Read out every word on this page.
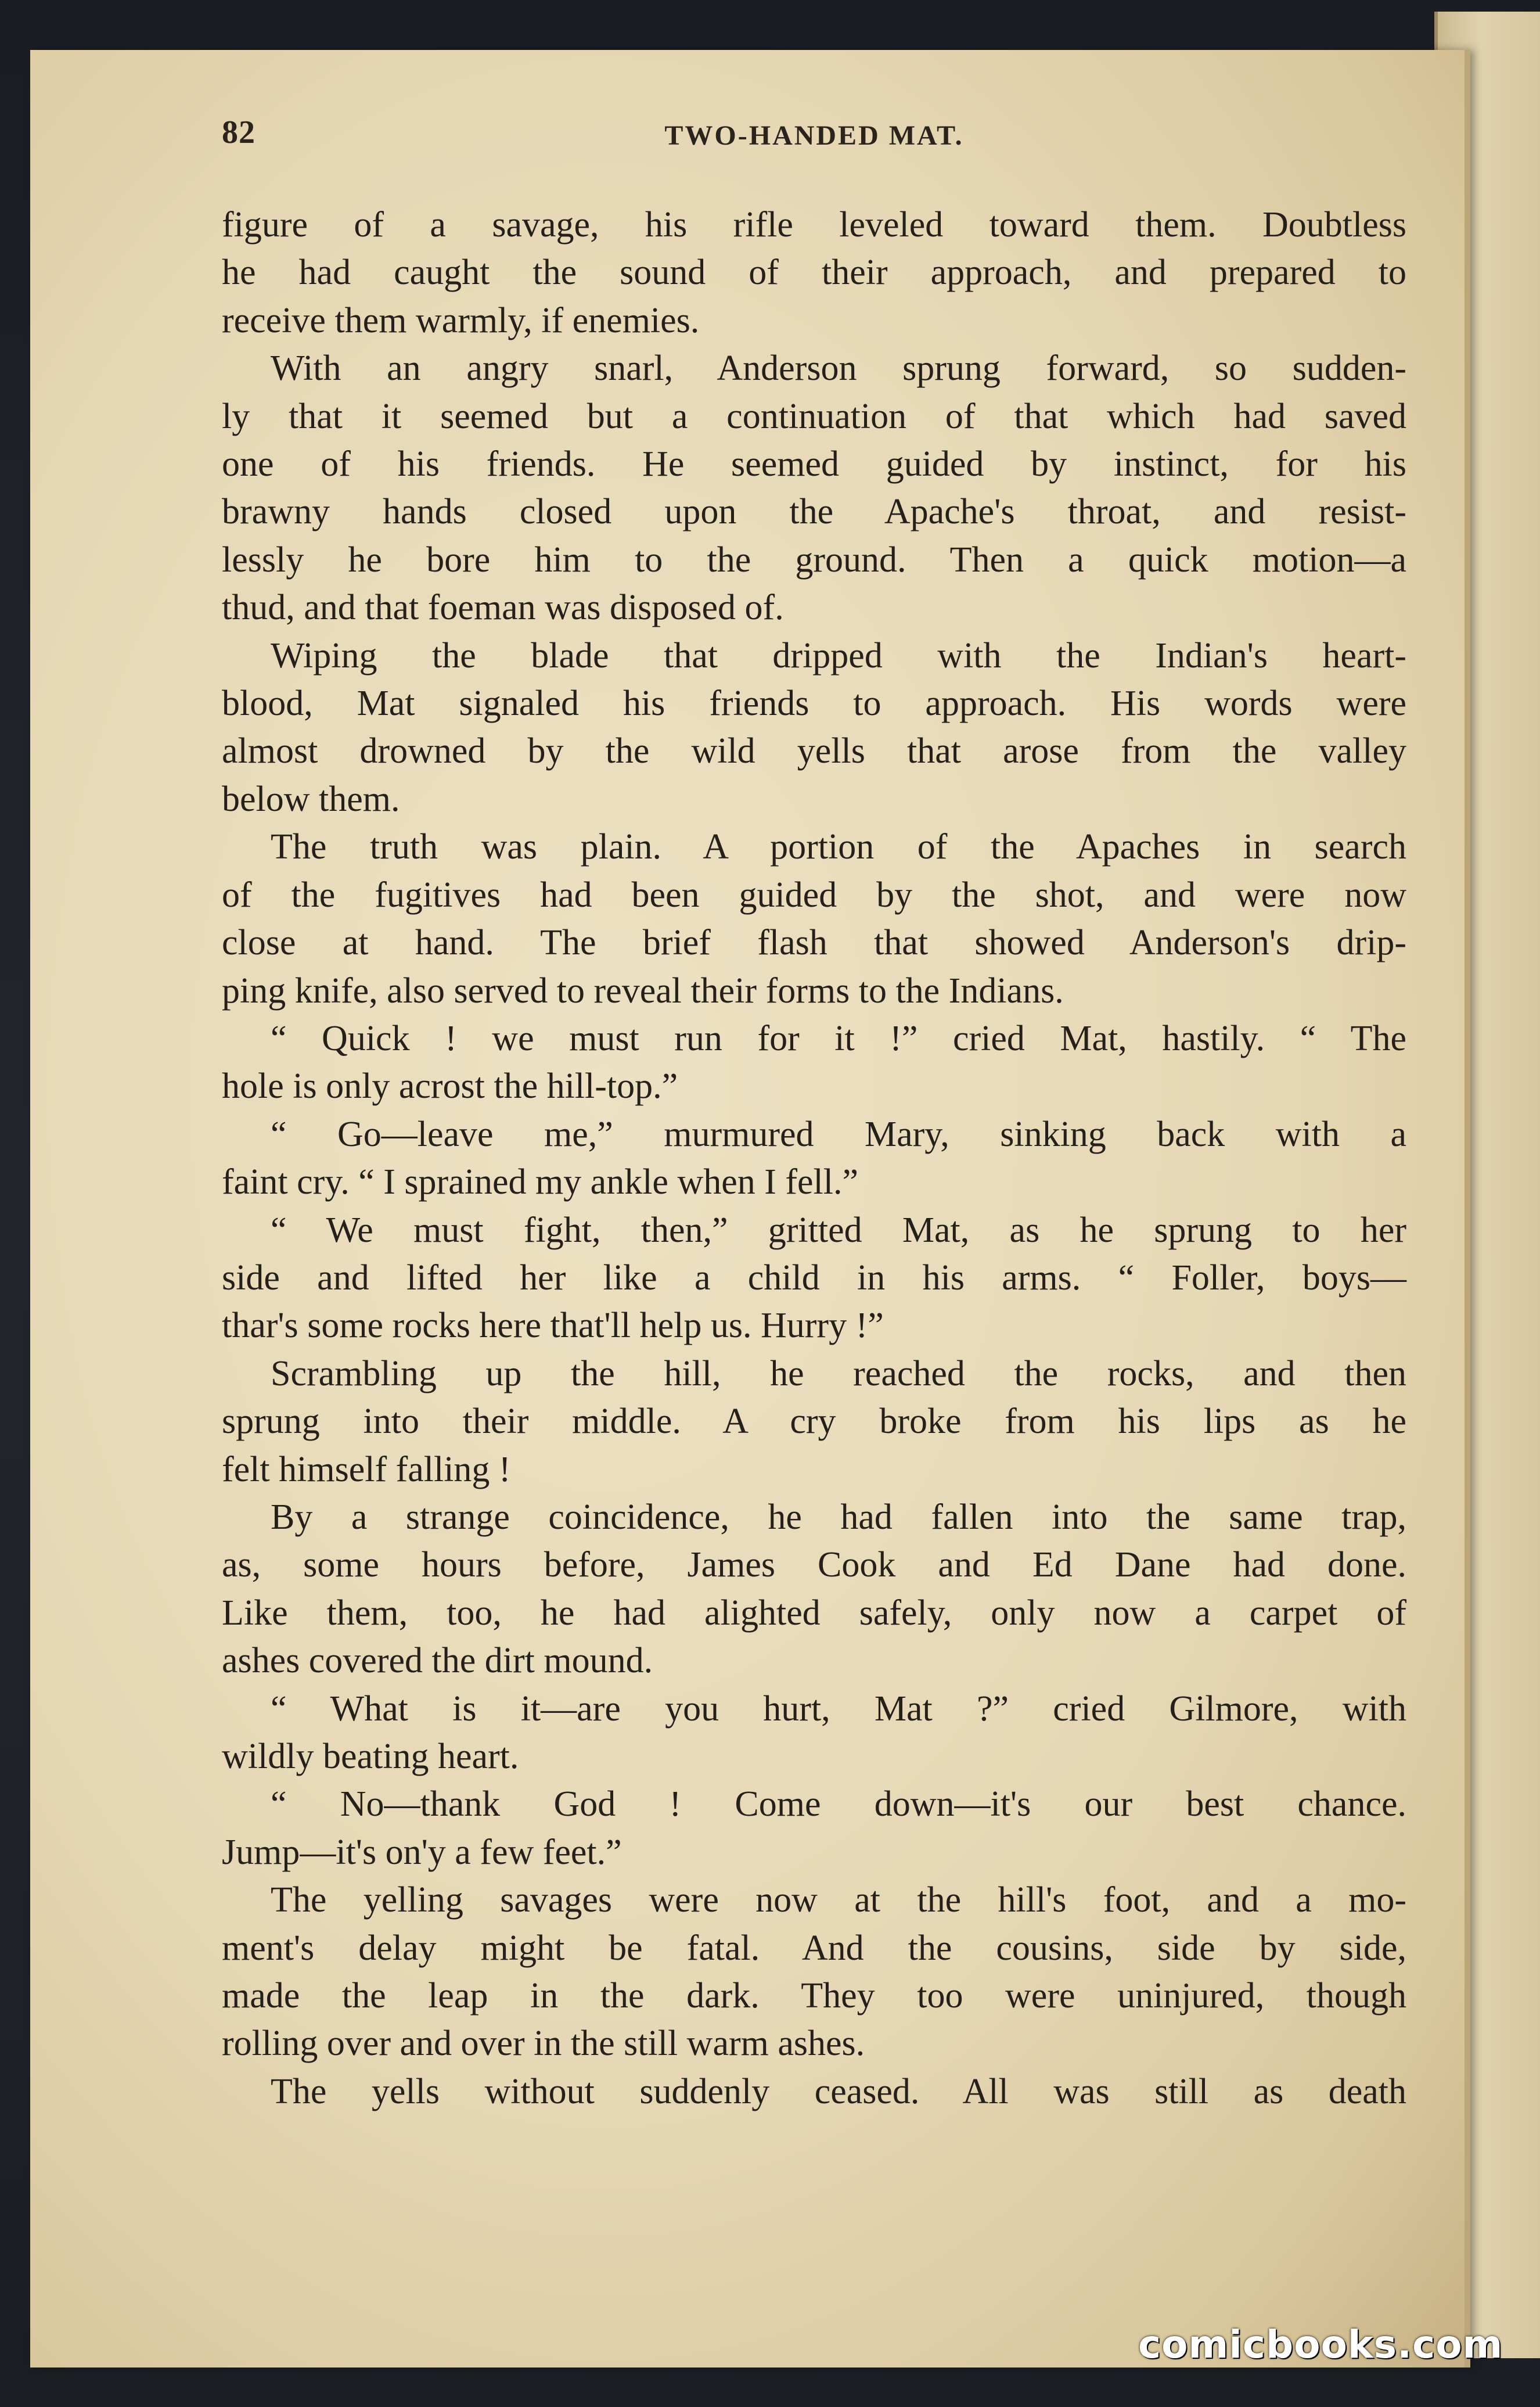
82	TWO-HANDED MAT.
figure of a savage, his rifle leveled toward them. Doubtless
he had caught the sound of their approach, and prepared to
receive them warmly, if enemies.
With an angry snarl, Anderson sprung forward, so sudden-
ly that it seemed but a continuation of that which had saved
one of his friends. He seemed guided by instinct, for his
brawny hands closed upon the Apache's throat, and resist-
lessly he bore him to the ground. Then a quick motion—a
thud, and that foeman was disposed of.
Wiping the blade that dripped with the Indian's heart-
blood, Mat signaled his friends to approach. His words were
almost drowned by the wild yells that arose from the valley
below them.
The truth was plain. A portion of the Apaches in search
of the fugitives had been guided by the shot, and were now
close at hand. The brief flash that showed Anderson's drip-
ping knife, also served to reveal their forms to the Indians.
“ Quick ! we must run for it !” cried Mat, hastily. “ The
hole is only acrost the hill-top.”
“ Go—leave me,” murmured Mary, sinking back with a
faint cry. “ I sprained my ankle when I fell.”
“ We must fight, then,” gritted Mat, as he sprung to her
side and lifted her like a child in his arms. “ Foller, boys—
thar's some rocks here that'll help us. Hurry !”
Scrambling up the hill, he reached the rocks, and then
sprung into their middle. A cry broke from his lips as he
felt himself falling !
By a strange coincidence, he had fallen into the same trap,
as, some hours before, James Cook and Ed Dane had done.
Like them, too, he had alighted safely, only now a carpet of
ashes covered the dirt mound.
“ What is it—are you hurt, Mat ?” cried Gilmore, with
wildly beating heart.
“ No—thank God ! Come down—it's our best chance.
Jump—it's on'y a few feet.”
The yelling savages were now at the hill's foot, and a mo-
ment's delay might be fatal. And the cousins, side by side,
made the leap in the dark. They too were uninjured, though
rolling over and over in the still warm ashes.
The yells without suddenly ceased. All was still as death
comicbooks.com
